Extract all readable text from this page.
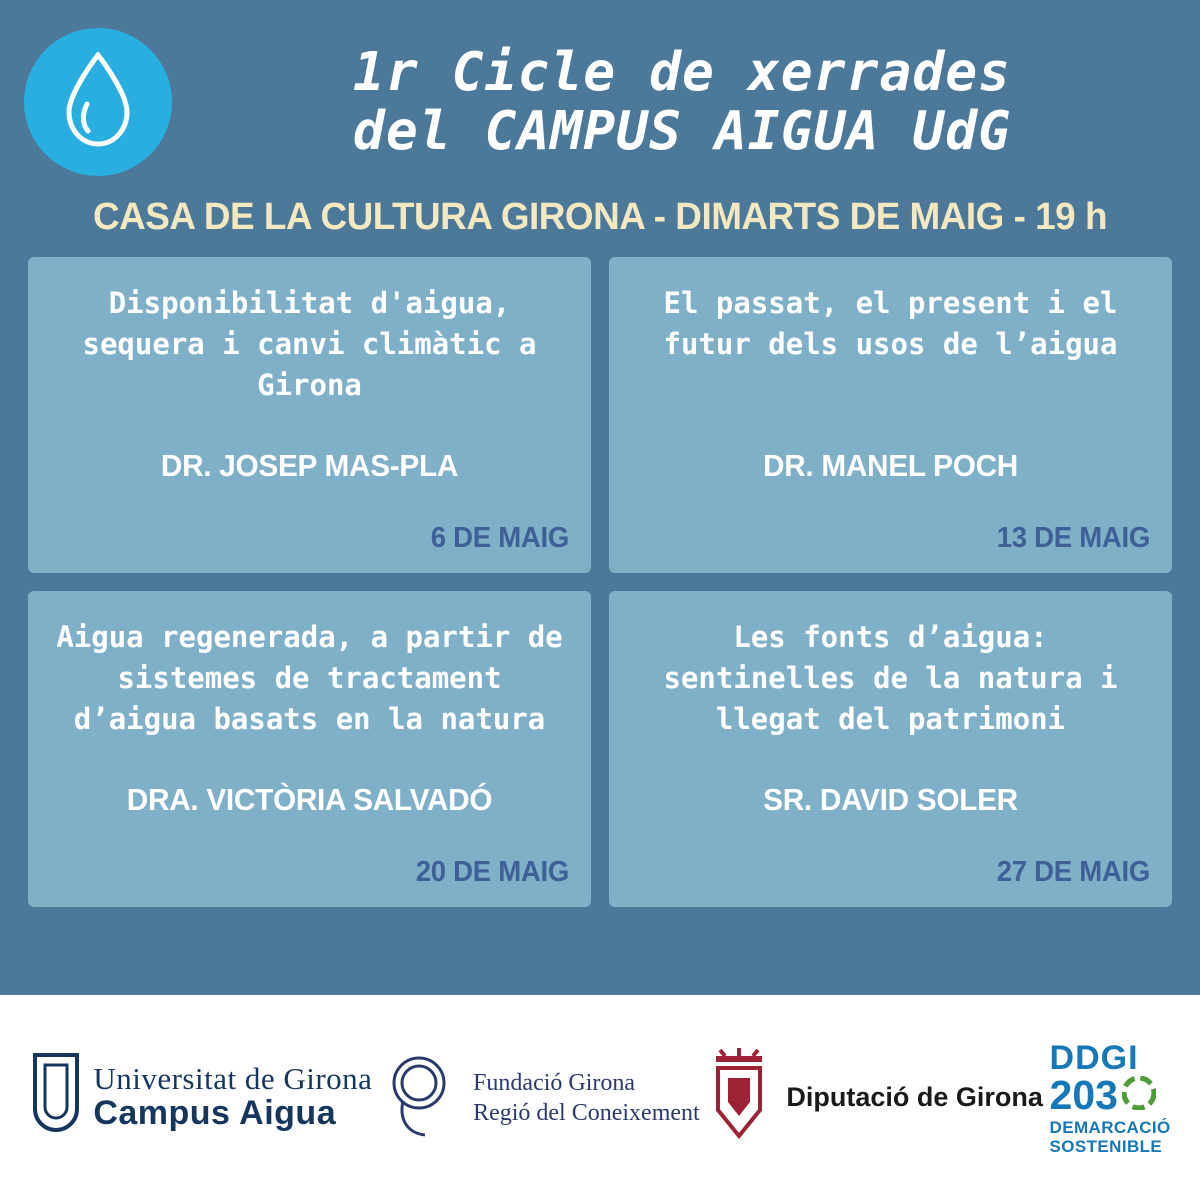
1r Cicle de xerrades
del CAMPUS AIGUA UdG
CASA DE LA CULTURA GIRONA - DIMARTS DE MAIG - 19 h
Disponibilitat d'aigua, sequera i canvi climàtic a Girona
DR. JOSEP MAS-PLA
6 DE MAIG
El passat, el present i el futur dels usos de l’aigua
DR. MANEL POCH
13 DE MAIG
Aigua regenerada, a partir de sistemes de tractament d’aigua basats en la natura
DRA. VICTÒRIA SALVADÓ
20 DE MAIG
Les fonts d’aigua: sentinelles de la natura i llegat del patrimoni
SR. DAVID SOLER
27 DE MAIG
Universitat de Girona
Campus Aigua
Fundació Girona
Regió del Coneixement
Diputació de Girona
DDGI
203
DEMARCACIÓ
SOSTENIBLE
